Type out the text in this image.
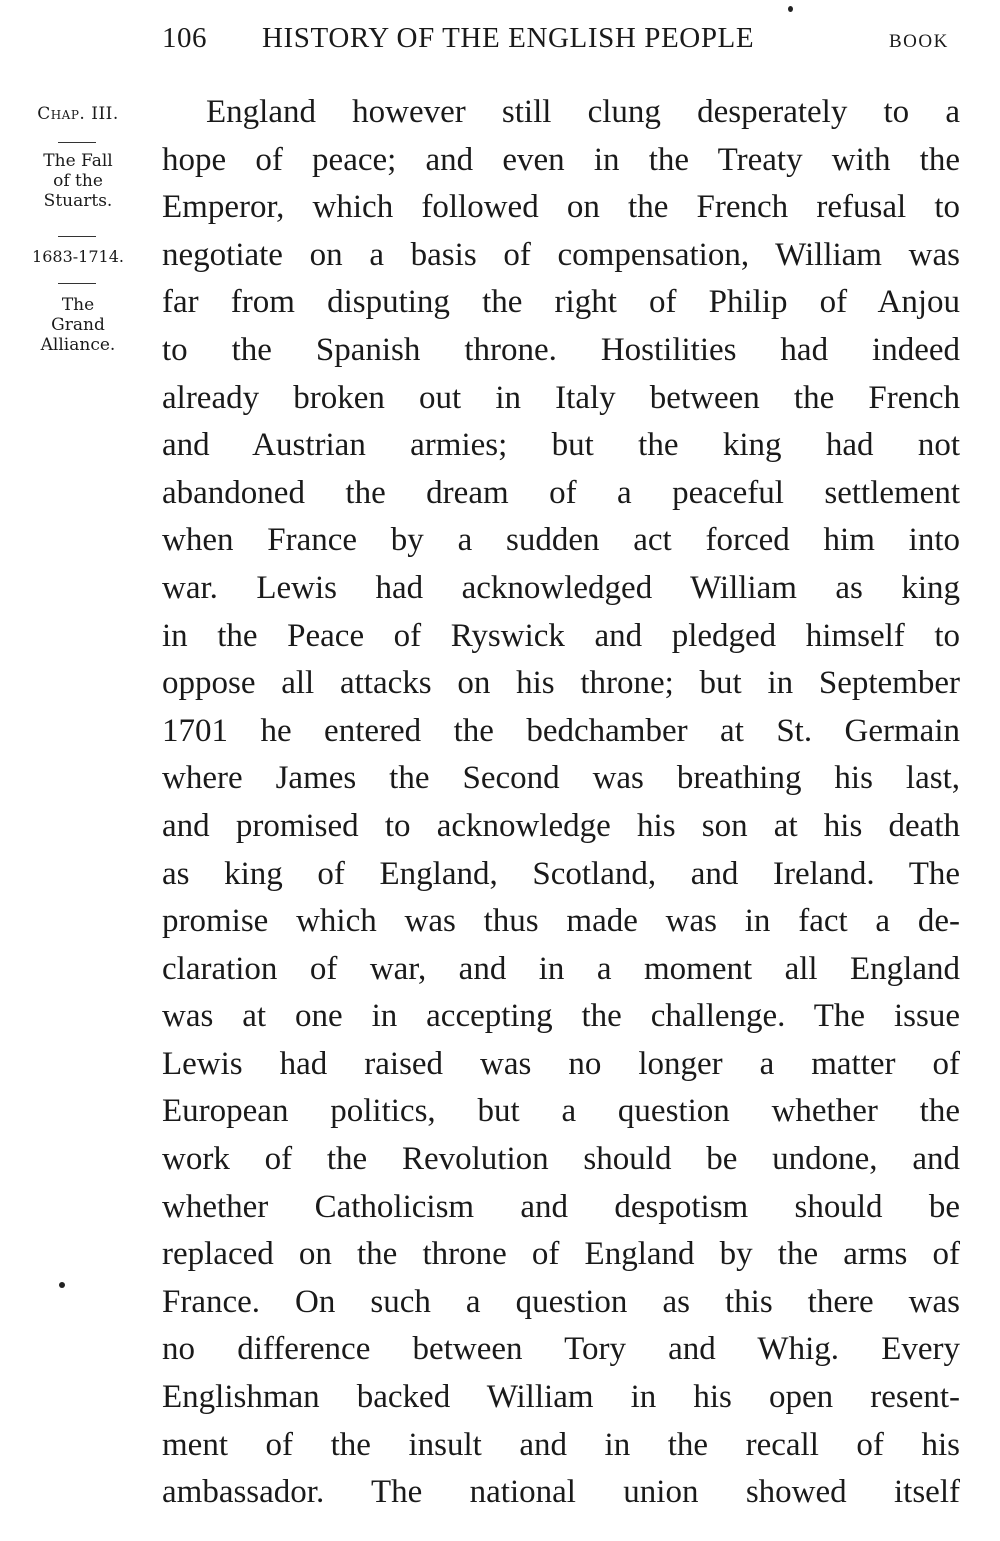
106 HISTORY OF THE ENGLISH PEOPLE	BOOK
Chap. III.
The Fall
of the
Stuarts.
1683-1714.
The
Grand
Alliance.
England however still clung desperately to a
hope of peace; and even in the Treaty with the
Emperor, which followed on the French refusal to
negotiate on a basis of compensation, William was
far from disputing the right of Philip of Anjou
to the Spanish throne. Hostilities had indeed
already broken out in Italy between the French
and Austrian armies; but the king had not
abandoned the dream of a peaceful settlement
when France by a sudden act forced him into
war. Lewis had acknowledged William as king
in the Peace of Ryswick and pledged himself to
oppose all attacks on his throne; but in September
1701 he entered the bedchamber at St. Germain
where James the Second was breathing his last,
and promised to acknowledge his son at his death
as king of England, Scotland, and Ireland. The
promise which was thus made was in fact a de-
claration of war, and in a moment all England
was at one in accepting the challenge. The issue
Lewis had raised was no longer a matter of
European politics, but a question whether the
work of the Revolution should be undone, and
whether Catholicism and despotism should be
replaced on the throne of England by the arms of
France. On such a question as this there was
no difference between Tory and Whig. Every
Englishman backed William in his open resent-
ment of the insult and in the recall of his
ambassador. The national union showed itself
